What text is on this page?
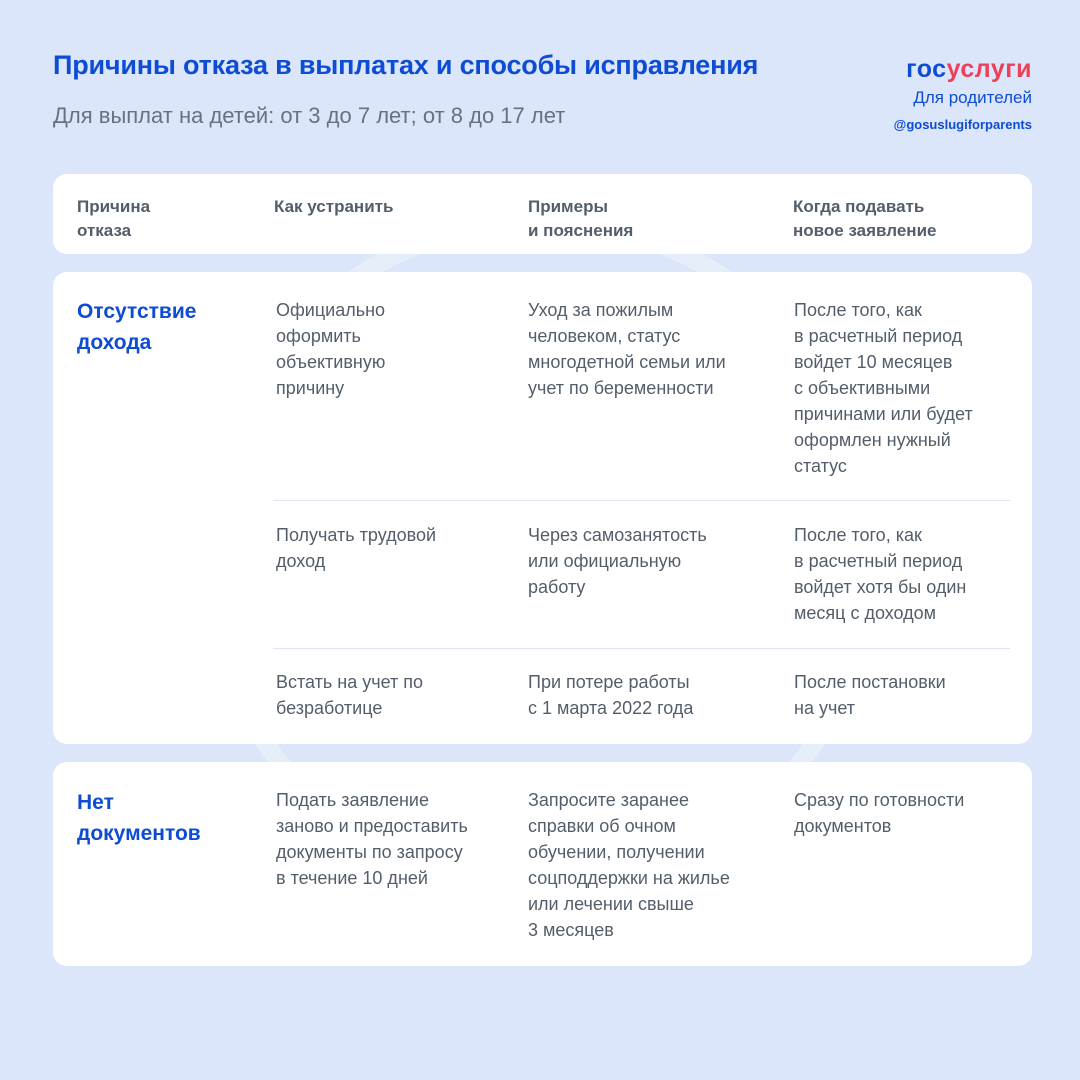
Причины отказа в выплатах и способы исправления
Для выплат на детей: от 3 до 7 лет; от 8 до 17 лет
госуслуги
Для родителей
@gosuslugiforparents
Причина
отказа
Как устранить	Примеры
и пояснения
Когда подавать
новое заявление
Отсутствие
дохода
Официально
оформить
объективную
причину
Уход за пожилым
человеком, статус
многодетной семьи или
учет по беременности
После того, как
в расчетный период
войдет 10 месяцев
с объективными
причинами или будет
оформлен нужный
статус
Получать трудовой
доход
Через самозанятость
или официальную
работу
После того, как
в расчетный период
войдет хотя бы один
месяц с доходом
Встать на учет по
безработице
При потере работы
с 1 марта 2022 года
После постановки
на учет
Нет
документов
Подать заявление
заново и предоставить
документы по запросу
в течение 10 дней
Запросите заранее
справки об очном
обучении, получении
соцподдержки на жилье
или лечении свыше
3 месяцев
Сразу по готовности
документов
